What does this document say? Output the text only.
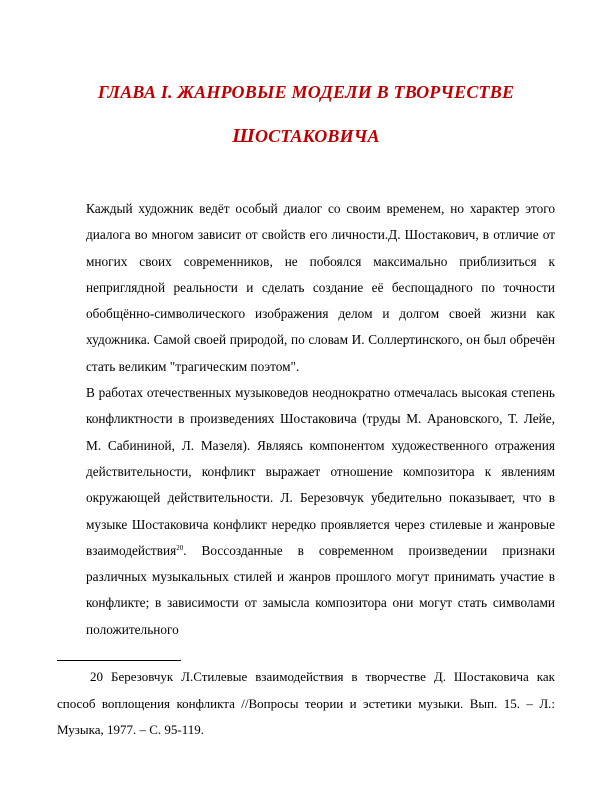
ГЛАВА I. ЖАНРОВЫЕ МОДЕЛИ В ТВОРЧЕСТВЕ
ШОСТАКОВИЧА

Каждый художник ведёт особый диалог со своим временем, но характер этого диалога во многом зависит от свойств его личности.Д. Шостакович, в отличие от многих своих современников, не побоялся максимально приблизиться к неприглядной реальности и сделать создание её беспощадного по точности обобщённо-символического изображения делом и долгом своей жизни как художника. Самой своей природой, по словам И. Соллертинского, он был обречён стать великим "трагическим поэтом".

В работах отечественных музыковедов неоднократно отмечалась высокая степень конфликтности в произведениях Шостаковича (труды М. Арановского, Т. Лейе, М. Сабининой, Л. Мазеля). Являясь компонентом художественного отражения действительности, конфликт выражает отношение композитора к явлениям окружающей действительности. Л. Березовчук убедительно показывает, что в музыке Шостаковича конфликт нередко проявляется через стилевые и жанровые взаимодействия$^{20}$. Воссозданные в современном произведении признаки различных музыкальных стилей и жанров прошлого могут принимать участие в конфликте; в зависимости от замысла композитора они могут стать символами положительного

20 Березовчук Л.Стилевые взаимодействия в творчестве Д. Шостаковича как способ воплощения конфликта //Вопросы теории и эстетики музыки. Вып. 15. – Л.: Музыка, 1977. – С. 95-119.
